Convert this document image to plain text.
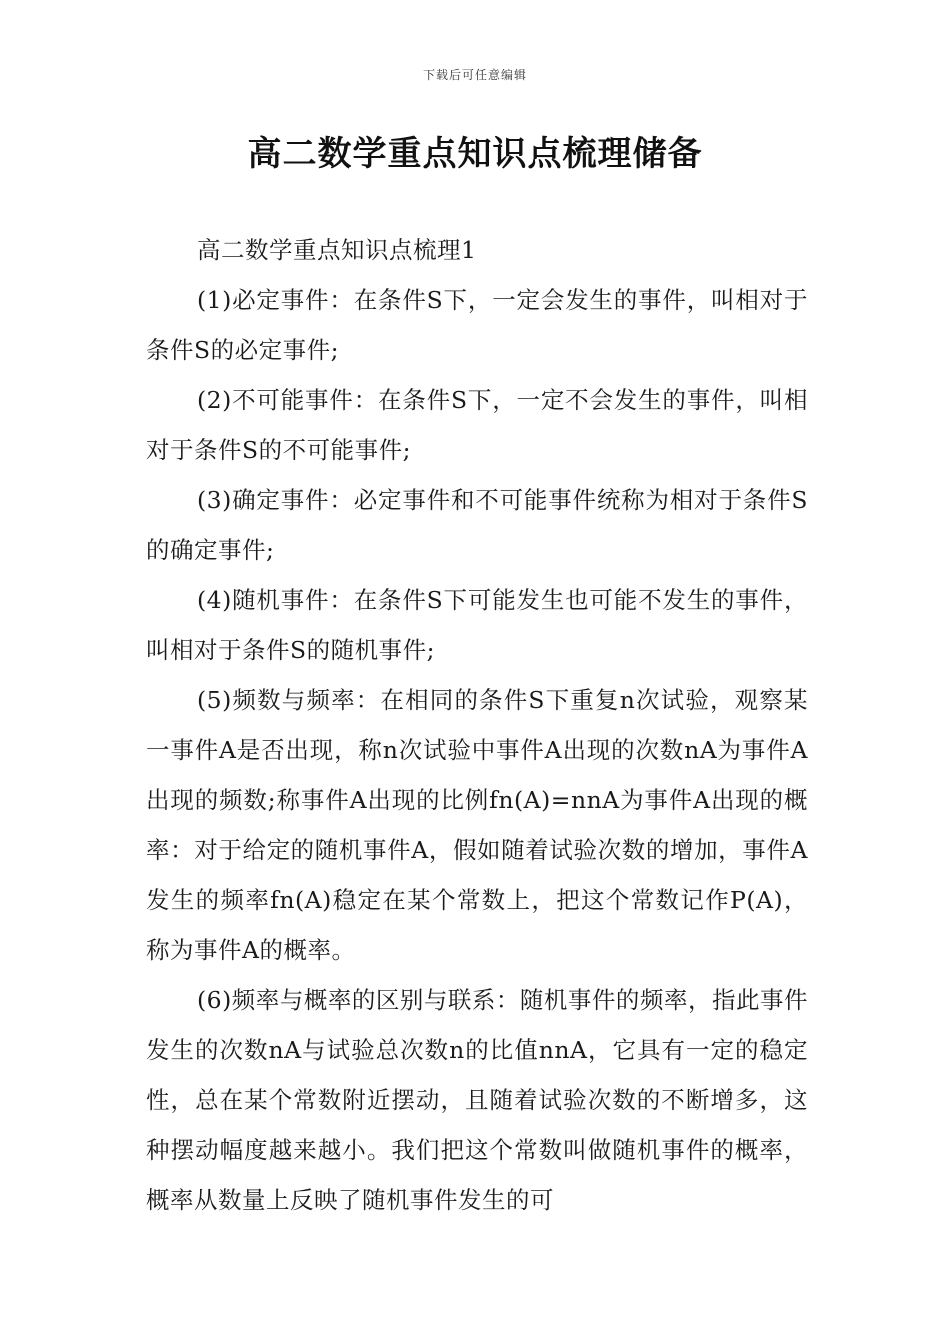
下载后可任意编辑
高二数学重点知识点梳理储备

高二数学重点知识点梳理1

(1)必定事件：在条件S下，一定会发生的事件，叫相对于条件S的必定事件;

(2)不可能事件：在条件S下，一定不会发生的事件，叫相对于条件S的不可能事件;

(3)确定事件：必定事件和不可能事件统称为相对于条件S的确定事件;

(4)随机事件：在条件S下可能发生也可能不发生的事件，叫相对于条件S的随机事件;

(5)频数与频率：在相同的条件S下重复n次试验，观察某一事件A是否出现，称n次试验中事件A出现的次数nA为事件A出现的频数;称事件A出现的比例fn(A)=nnA为事件A出现的概率：对于给定的随机事件A，假如随着试验次数的增加，事件A发生的频率fn(A)稳定在某个常数上，把这个常数记作P(A)，称为事件A的概率。

(6)频率与概率的区别与联系：随机事件的频率，指此事件发生的次数nA与试验总次数n的比值nnA，它具有一定的稳定性，总在某个常数附近摆动，且随着试验次数的不断增多，这种摆动幅度越来越小。我们把这个常数叫做随机事件的概率，概率从数量上反映了随机事件发生的可
